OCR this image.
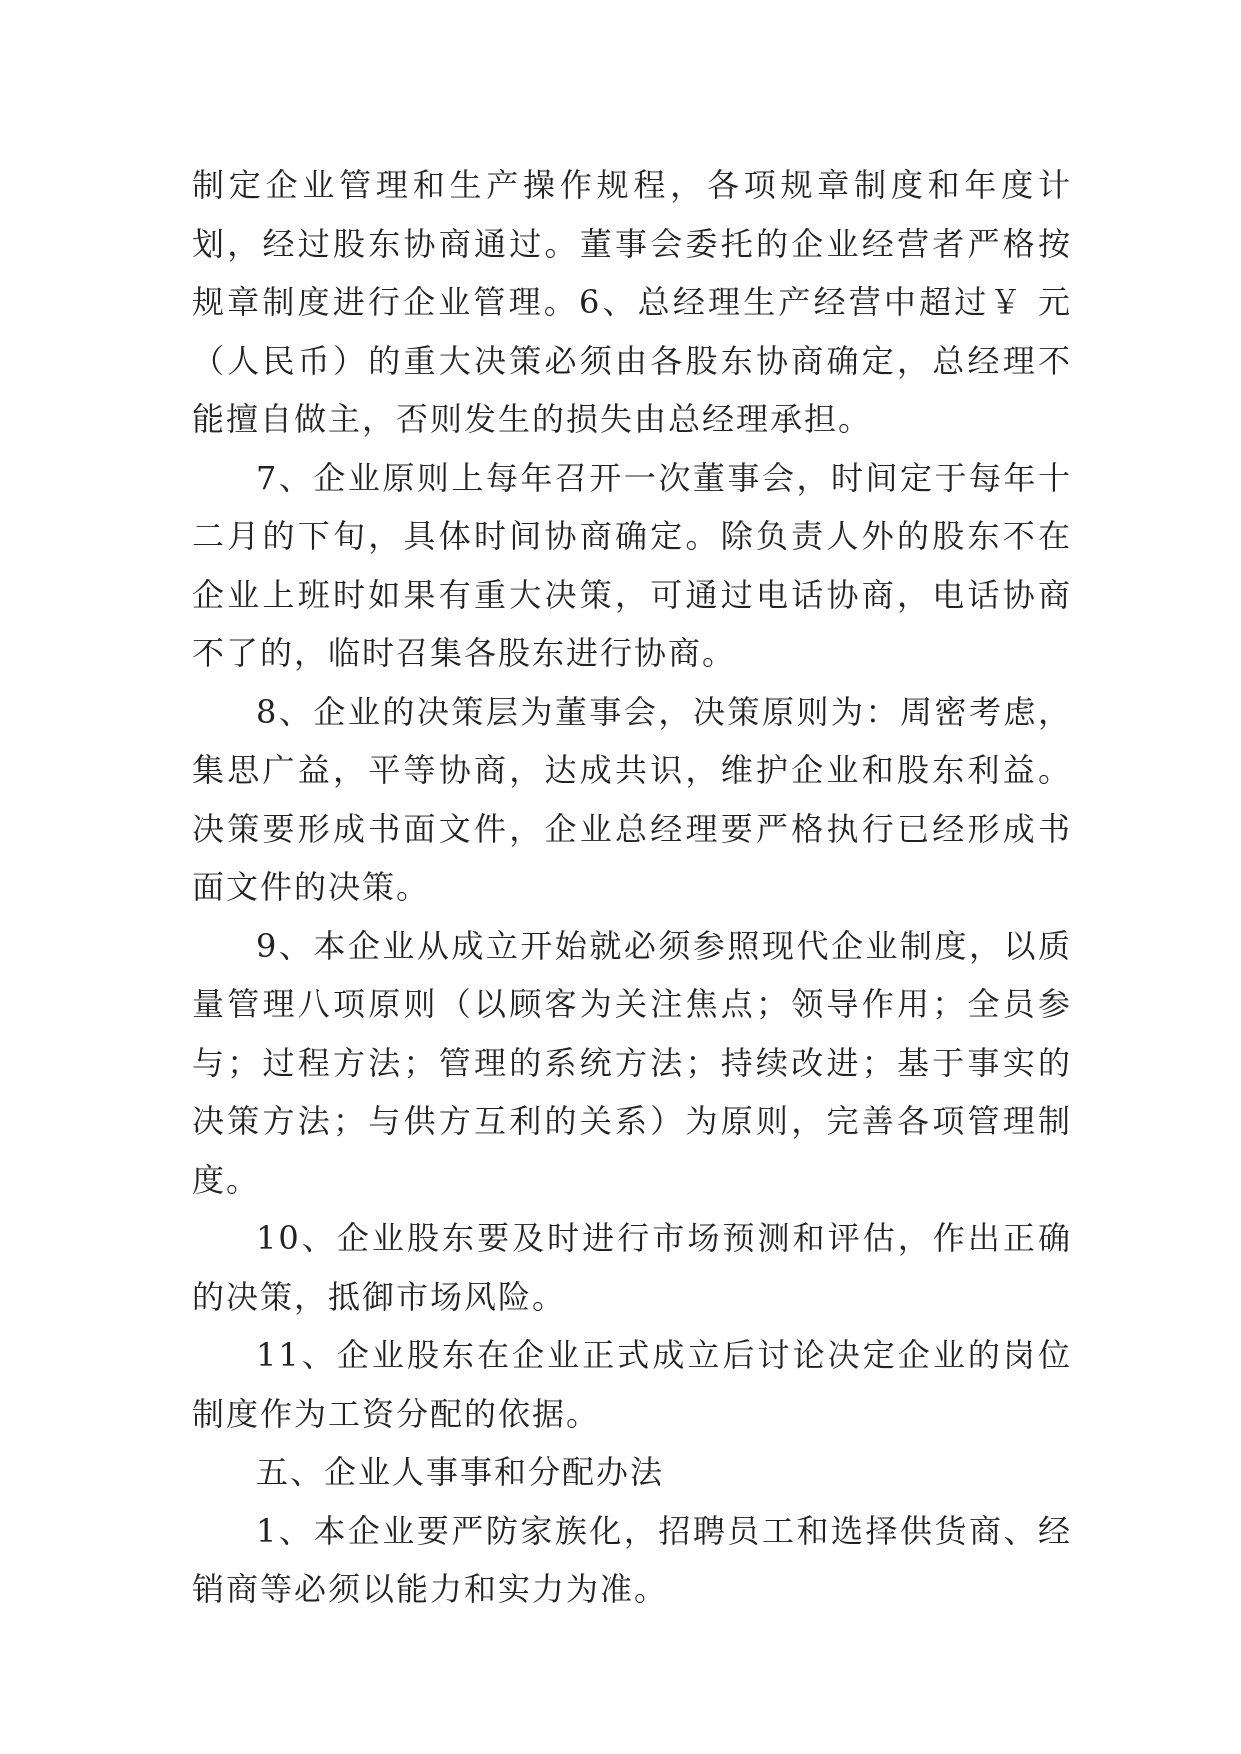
制定企业管理和生产操作规程，各项规章制度和年度计划，经过股东协商通过。董事会委托的企业经营者严格按规章制度进行企业管理。6、总经理生产经营中超过￥ 元（人民币）的重大决策必须由各股东协商确定，总经理不能擅自做主，否则发生的损失由总经理承担。

7、企业原则上每年召开一次董事会，时间定于每年十二月的下旬，具体时间协商确定。除负责人外的股东不在企业上班时如果有重大决策，可通过电话协商，电话协商不了的，临时召集各股东进行协商。

8、企业的决策层为董事会，决策原则为：周密考虑，集思广益，平等协商，达成共识，维护企业和股东利益。决策要形成书面文件，企业总经理要严格执行已经形成书面文件的决策。

9、本企业从成立开始就必须参照现代企业制度，以质量管理八项原则（以顾客为关注焦点；领导作用；全员参与；过程方法；管理的系统方法；持续改进；基于事实的决策方法；与供方互利的关系）为原则，完善各项管理制度。

10、企业股东要及时进行市场预测和评估，作出正确的决策，抵御市场风险。

11、企业股东在企业正式成立后讨论决定企业的岗位制度作为工资分配的依据。

五、企业人事事和分配办法

1、本企业要严防家族化，招聘员工和选择供货商、经销商等必须以能力和实力为准。
